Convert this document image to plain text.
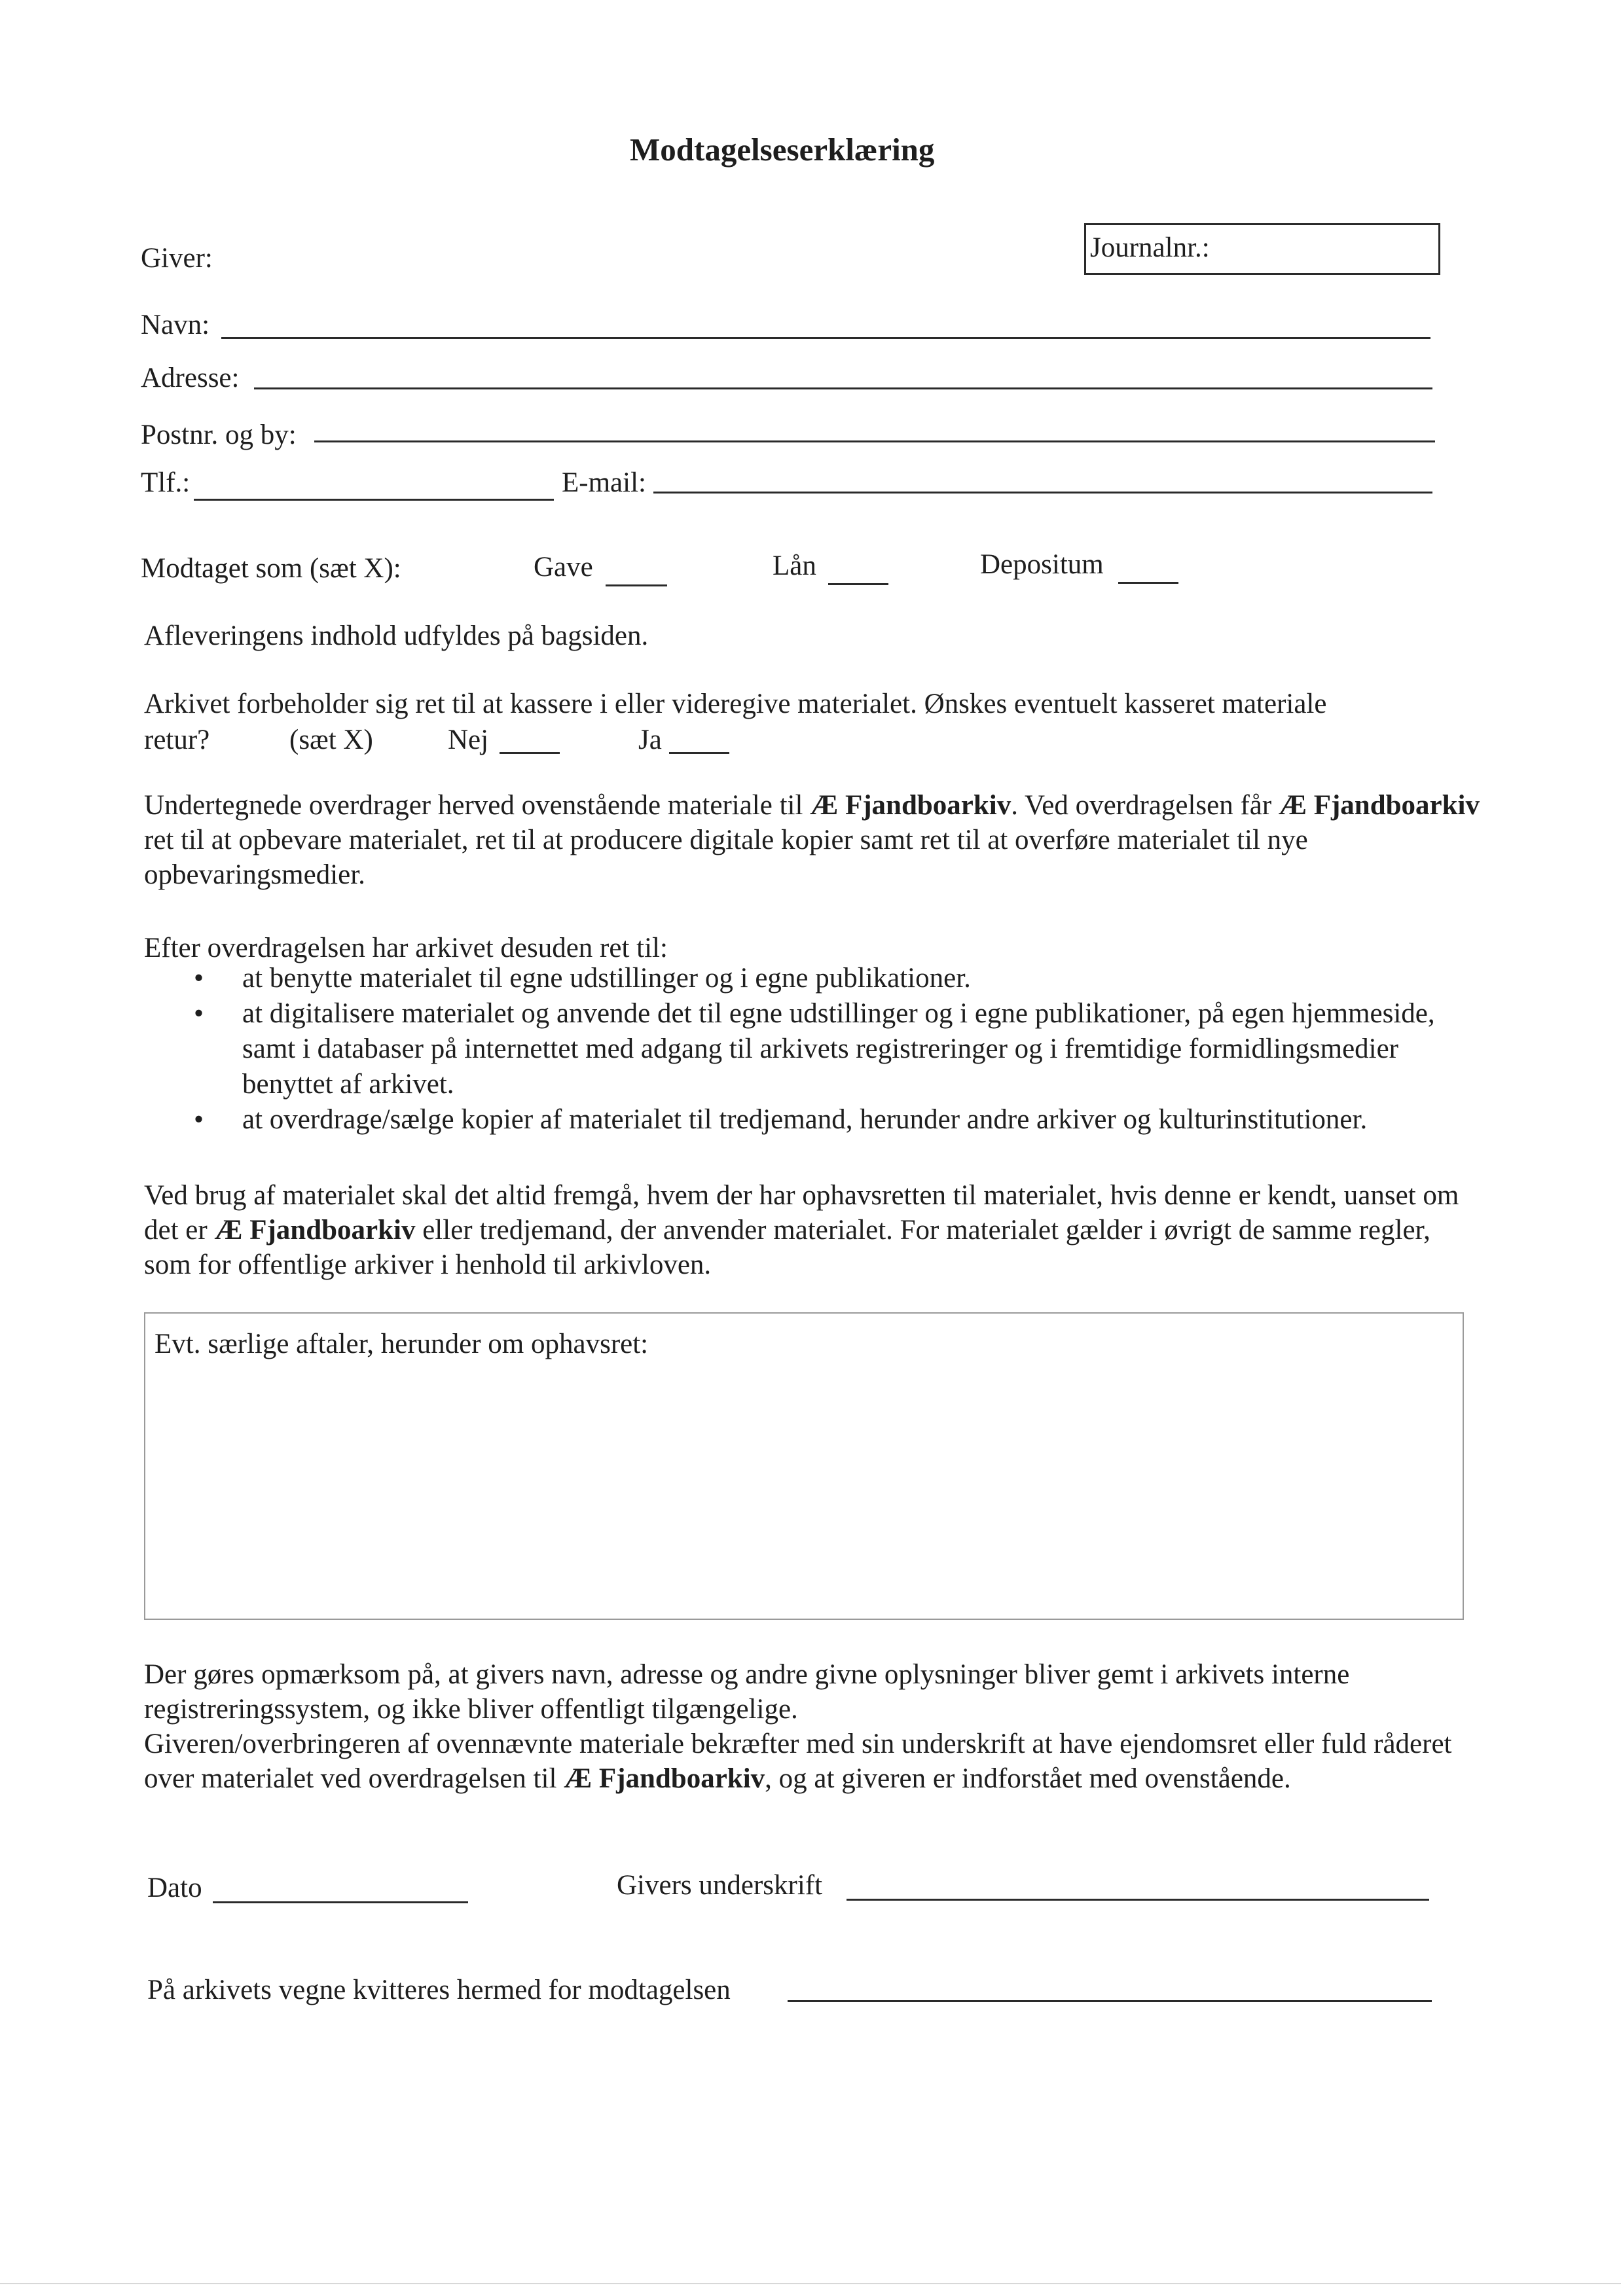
Modtagelseserklæring
Giver:	Journalnr.:
Navn:
Adresse:
Postnr. og by:
Tlf.:	E-mail:
Modtaget som (sæt X):	Gave	Lån	Depositum
Afleveringens indhold udfyldes på bagsiden.
Arkivet forbeholder sig ret til at kassere i eller videregive materialet. Ønskes eventuelt kasseret materiale
retur?	(sæt X)	Nej	Ja
Undertegnede overdrager herved ovenstående materiale til Æ Fjandboarkiv. Ved overdragelsen får Æ Fjandboarkiv ret til at opbevare materialet, ret til at producere digitale kopier samt ret til at overføre materialet til nye opbevaringsmedier.
Efter overdragelsen har arkivet desuden ret til:
• at benytte materialet til egne udstillinger og i egne publikationer.
• at digitalisere materialet og anvende det til egne udstillinger og i egne publikationer, på egen hjemmeside, samt i databaser på internettet med adgang til arkivets registreringer og i fremtidige formidlingsmedier benyttet af arkivet.
• at overdrage/sælge kopier af materialet til tredjemand, herunder andre arkiver og kulturinstitutioner.
Ved brug af materialet skal det altid fremgå, hvem der har ophavsretten til materialet, hvis denne er kendt, uanset om det er Æ Fjandboarkiv eller tredjemand, der anvender materialet. For materialet gælder i øvrigt de samme regler, som for offentlige arkiver i henhold til arkivloven.
Evt. særlige aftaler, herunder om ophavsret:

Der gøres opmærksom på, at givers navn, adresse og andre givne oplysninger bliver gemt i arkivets interne registreringssystem, og ikke bliver offentligt tilgængelige.

Giveren/overbringeren af ovennævnte materiale bekræfter med sin underskrift at have ejendomsret eller fuld råderet over materialet ved overdragelsen til Æ Fjandboarkiv, og at giveren er indforstået med ovenstående.

Dato	Givers underskrift
På arkivets vegne kvitteres hermed for modtagelsen
